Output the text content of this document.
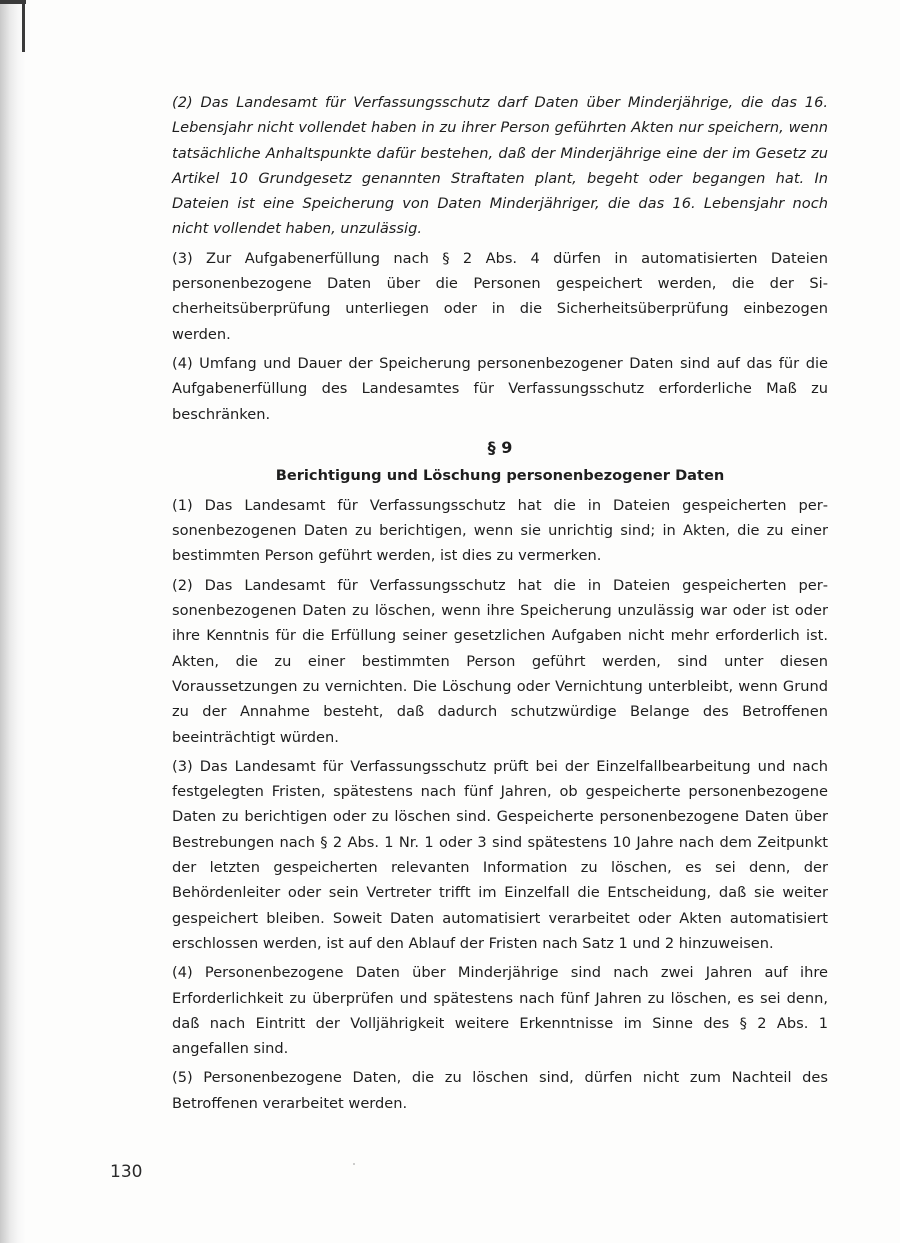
(2) Das Landesamt für Verfassungsschutz darf Daten über Minderjährige, die das 16. Lebensjahr nicht vollendet haben in zu ihrer Person geführten Akten nur speichern, wenn tatsächliche Anhaltspunkte dafür bestehen, daß der Minderjährige eine der im Gesetz zu Artikel 10 Grundgesetz genannten Straftaten plant, begeht oder begangen hat. In Dateien ist eine Speicherung von Daten Minderjähriger, die das 16. Lebensjahr noch nicht vollendet haben, unzulässig.

(3) Zur Aufgabenerfüllung nach § 2 Abs. 4 dürfen in automatisierten Dateien personenbezogene Daten über die Personen gespeichert werden, die der Sicherheitsüberprüfung unterliegen oder in die Sicherheitsüberprüfung einbezogen werden.

(4) Umfang und Dauer der Speicherung personenbezogener Daten sind auf das für die Aufgabenerfüllung des Landesamtes für Verfassungsschutz erforderliche Maß zu beschränken.

§ 9
Berichtigung und Löschung personenbezogener Daten

(1) Das Landesamt für Verfassungsschutz hat die in Dateien gespeicherten personenbezogenen Daten zu berichtigen, wenn sie unrichtig sind; in Akten, die zu einer bestimmten Person geführt werden, ist dies zu vermerken.

(2) Das Landesamt für Verfassungsschutz hat die in Dateien gespeicherten personenbezogenen Daten zu löschen, wenn ihre Speicherung unzulässig war oder ist oder ihre Kenntnis für die Erfüllung seiner gesetzlichen Aufgaben nicht mehr erforderlich ist. Akten, die zu einer bestimmten Person geführt werden, sind unter diesen Voraussetzungen zu vernichten. Die Löschung oder Vernichtung unterbleibt, wenn Grund zu der Annahme besteht, daß dadurch schutzwürdige Belange des Betroffenen beeinträchtigt würden.

(3) Das Landesamt für Verfassungsschutz prüft bei der Einzelfallbearbeitung und nach festgelegten Fristen, spätestens nach fünf Jahren, ob gespeicherte personenbezogene Daten zu berichtigen oder zu löschen sind. Gespeicherte personenbezogene Daten über Bestrebungen nach § 2 Abs. 1 Nr. 1 oder 3 sind spätestens 10 Jahre nach dem Zeitpunkt der letzten gespeicherten relevanten Information zu löschen, es sei denn, der Behördenleiter oder sein Vertreter trifft im Einzelfall die Entscheidung, daß sie weiter gespeichert bleiben. Soweit Daten automatisiert verarbeitet oder Akten automatisiert erschlossen werden, ist auf den Ablauf der Fristen nach Satz 1 und 2 hinzuweisen.

(4) Personenbezogene Daten über Minderjährige sind nach zwei Jahren auf ihre Erforderlichkeit zu überprüfen und spätestens nach fünf Jahren zu löschen, es sei denn, daß nach Eintritt der Volljährigkeit weitere Erkenntnisse im Sinne des § 2 Abs. 1 angefallen sind.

(5) Personenbezogene Daten, die zu löschen sind, dürfen nicht zum Nachteil des Betroffenen verarbeitet werden.

130
